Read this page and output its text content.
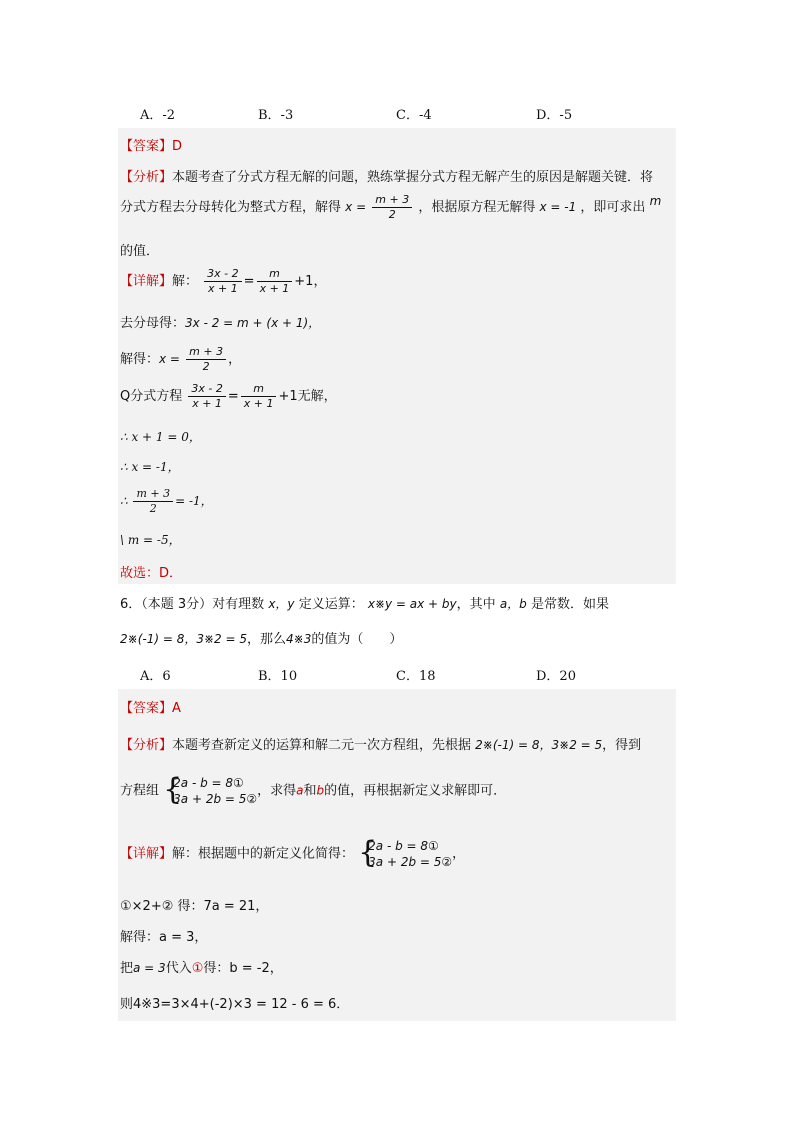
A．-2	B．-3	C．-4	D．-5
【答案】D
【分析】本题考查了分式方程无解的问题，熟练掌握分式方程无解产生的原因是解题关键．将
分式方程去分母转化为整式方程，解得 $x = \frac{m + 3}{2}$ ，根据原方程无解得 x = -1 ，即可求出 m
的值．
【详解】解： $\frac{3x - 2}{x + 1} = \frac{m}{x + 1} +1$，
去分母得：3x - 2 = m + (x + 1)，
解得：$x = \frac{m + 3}{2}$ ，
Q分式方程 $\frac{3x - 2}{x + 1} = \frac{m}{x + 1} +1$无解，
∴ x + 1 = 0，
∴ x = -1，
∴ $\frac{m + 3}{2} = -1$，
\ m = -5，
故选：D．
6．（本题 3分）对有理数 x，y 定义运算： x※y = ax + by，其中 a，b 是常数．如果
2※(-1) = 8，3※2 = 5，那么4※3的值为（　　）
A．6	B．10	C．18	D．20
【答案】A
【分析】本题考查新定义的运算和解二元一次方程组，先根据 2※(-1) = 8，3※2 = 5，得到
方程组 {
2a - b = 8①
3a + 2b = 5②
，求得a和b的值，再根据新定义求解即可．
【详解】解：根据题中的新定义化简得： {
2a - b = 8①
3a + 2b = 5②
，
①×2+② 得：7a = 21，
解得：a = 3，
把a = 3代入①得：b = -2，
则4※3=3×4+(-2)×3 = 12 - 6 = 6．
